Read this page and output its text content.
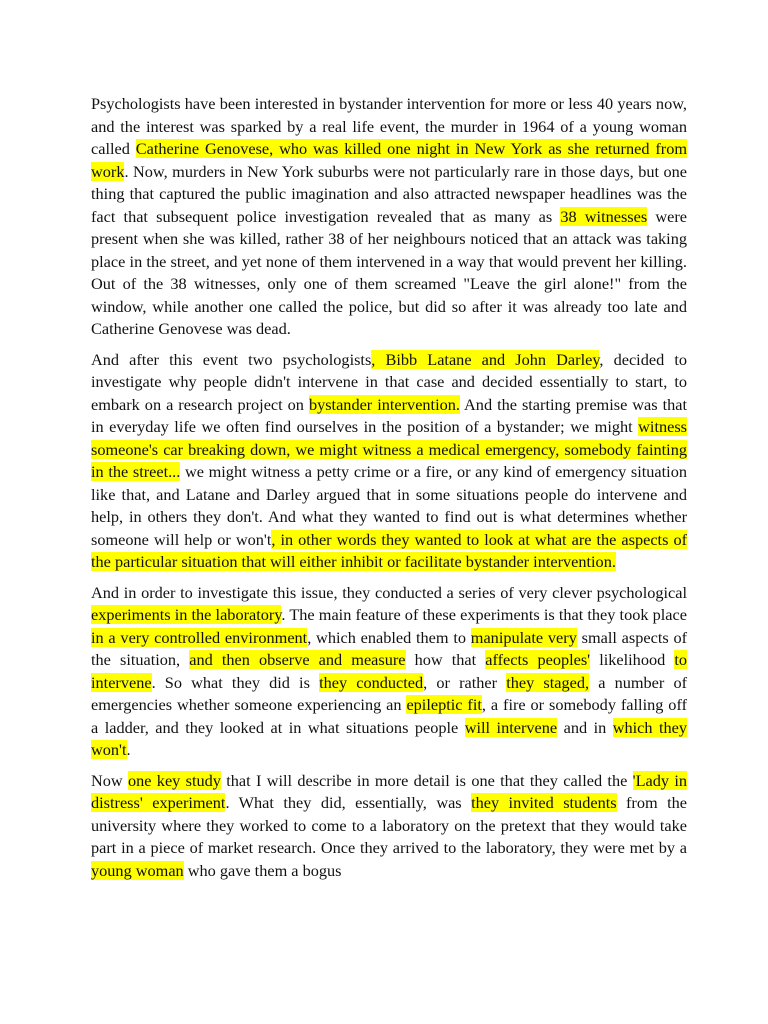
Psychologists have been interested in bystander intervention for more or less 40 years now, and the interest was sparked by a real life event, the murder in 1964 of a young woman called Catherine Genovese, who was killed one night in New York as she returned from work. Now, murders in New York suburbs were not particularly rare in those days, but one thing that captured the public imagination and also attracted newspaper headlines was the fact that subsequent police investigation revealed that as many as 38 witnesses were present when she was killed, rather 38 of her neighbours noticed that an attack was taking place in the street, and yet none of them intervened in a way that would prevent her killing. Out of the 38 witnesses, only one of them screamed "Leave the girl alone!" from the window, while another one called the police, but did so after it was already too late and Catherine Genovese was dead.

And after this event two psychologists, Bibb Latane and John Darley, decided to investigate why people didn't intervene in that case and decided essentially to start, to embark on a research project on bystander intervention. And the starting premise was that in everyday life we often find ourselves in the position of a bystander; we might witness someone's car breaking down, we might witness a medical emergency, somebody fainting in the street... we might witness a petty crime or a fire, or any kind of emergency situation like that, and Latane and Darley argued that in some situations people do intervene and help, in others they don't. And what they wanted to find out is what determines whether someone will help or won't, in other words they wanted to look at what are the aspects of the particular situation that will either inhibit or facilitate bystander intervention.

And in order to investigate this issue, they conducted a series of very clever psychological experiments in the laboratory. The main feature of these experiments is that they took place in a very controlled environment, which enabled them to manipulate very small aspects of the situation, and then observe and measure how that affects peoples' likelihood to intervene. So what they did is they conducted, or rather they staged, a number of emergencies whether someone experiencing an epileptic fit, a fire or somebody falling off a ladder, and they looked at in what situations people will intervene and in which they won't.

Now one key study that I will describe in more detail is one that they called the 'Lady in distress' experiment. What they did, essentially, was they invited students from the university where they worked to come to a laboratory on the pretext that they would take part in a piece of market research. Once they arrived to the laboratory, they were met by a young woman who gave them a bogus
